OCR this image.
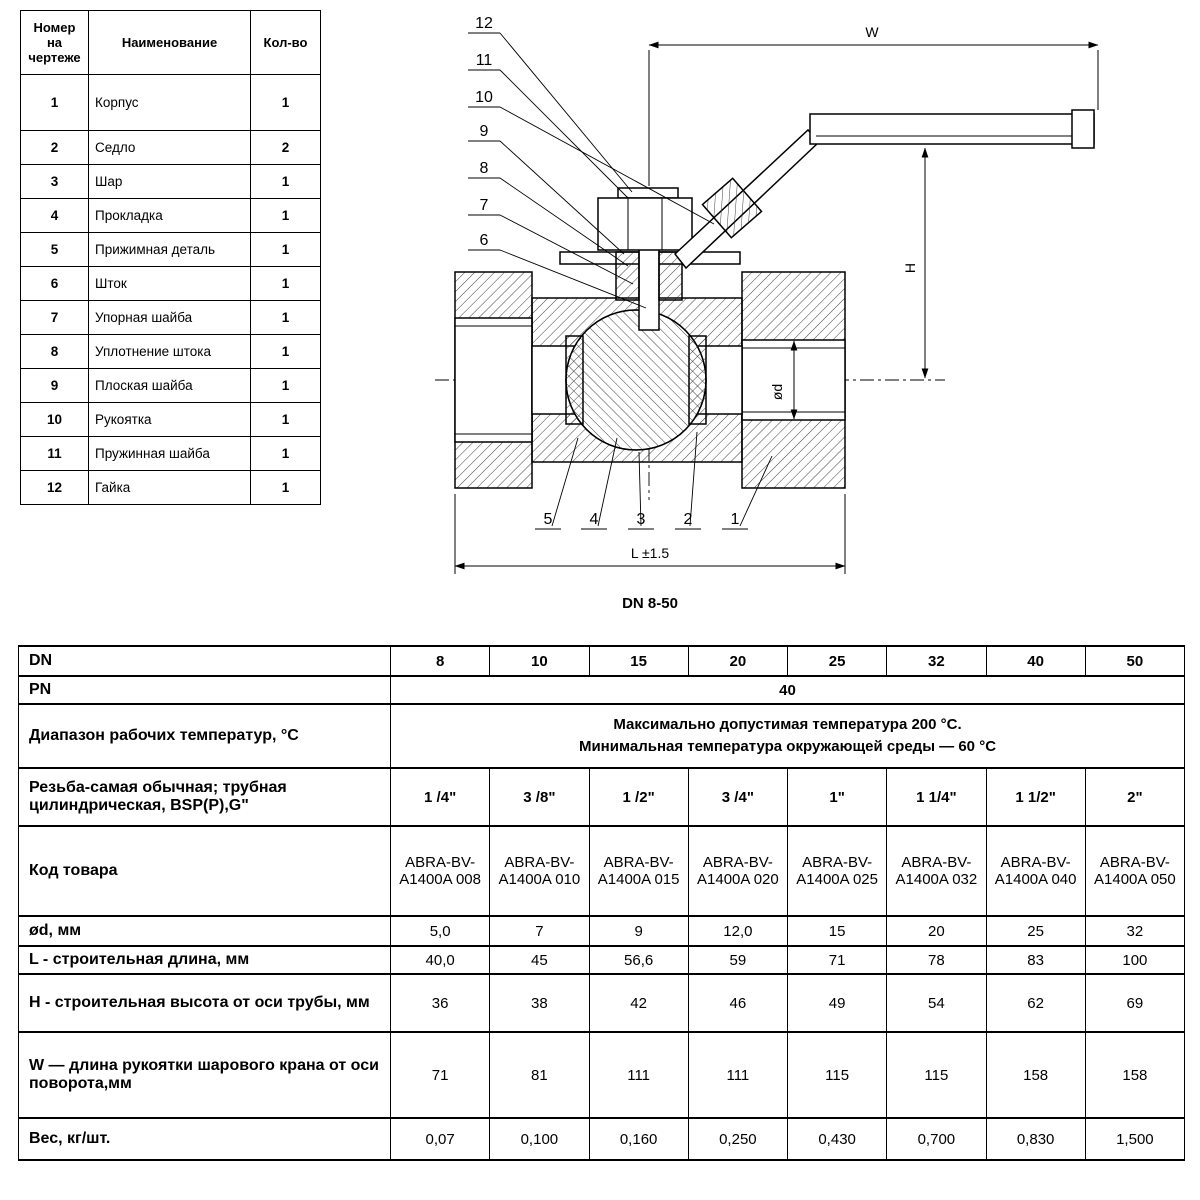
Номер на чертеже	Наименование	Кол-во
1	Корпус	1
2	Седло	2
3	Шар	1
4	Прокладка	1
5	Прижимная деталь	1
6	Шток	1
7	Упорная шайба	1
8	Уплотнение штока	1
9	Плоская шайба	1
10	Рукоятка	1
11	Пружинная шайба	1
12	Гайка	1
W
H
ød
L ±1.5
12
11
10
9
8
7
6
5 4 3 2 1
DN 8-50
DN	8	10	15	20	25	32	40	50
PN	40							
Диапазон рабочих температур, °C	Максимально допустимая температура 200 °C.
Минимальная температура окружающей среды — 60 °C							

Резьба-самая обычная; трубная цилиндрическая, BSP(P),G"	1 /4"	3 /8"	1 /2"	3 /4"	1"	1 1/4"	1 1/2"	2"
Код товара	ABRA-BV-A1400A 008	ABRA-BV-A1400A 010	ABRA-BV-A1400A 015	ABRA-BV-A1400A 020	ABRA-BV-A1400A 025	ABRA-BV-A1400A 032	ABRA-BV-A1400A 040	ABRA-BV-A1400A 050
ød, мм	5,0	7	9	12,0	15	20	25	32
L - строительная длина, мм	40,0	45	56,6	59	71	78	83	100
H - строительная высота от оси трубы, мм	36	38	42	46	49	54	62	69
W — длина рукоятки шарового крана от оси поворота,мм	71	81	111	111	115	115	158	158
Вес, кг/шт.	0,07	0,100	0,160	0,250	0,430	0,700	0,830	1,500
